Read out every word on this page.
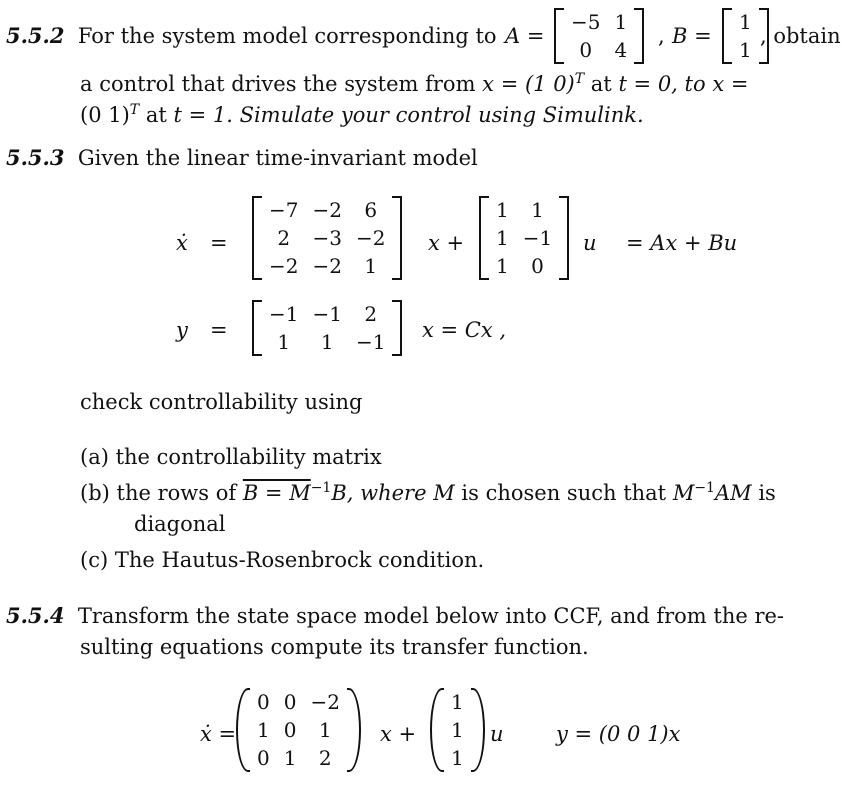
5.5.2 For the system model corresponding to A =
−5	1
0	4
, B =
1
1
, obtain
a control that drives the system from x = (1 0)$^T$ at t = 0, to x =
(0 1)$^T$ at t = 1. Simulate your control using Simulink.
5.5.3 Given the linear time-invariant model
ẋ =
−7	−2	6
2	−3	−2
−2	−2	1
x +
1	1
1	−1
1	0
u = Ax + Bu
y =
−1	−1	2
1	1	−1 x = Cx ,
check controllability using
(a) the controllability matrix
(b) the rows of $B = M^{-1}B$, where M is chosen such that $M^{-1}AM$ is
diagonal
(c) The Hautus-Rosenbrock condition.
5.5.4 Transform the state space model below into CCF, and from the re-
sulting equations compute its transfer function.
ẋ =
0	0	−2
1	0	1
0	1	2
x +
1
1
1
u y = (0 0 1)x
